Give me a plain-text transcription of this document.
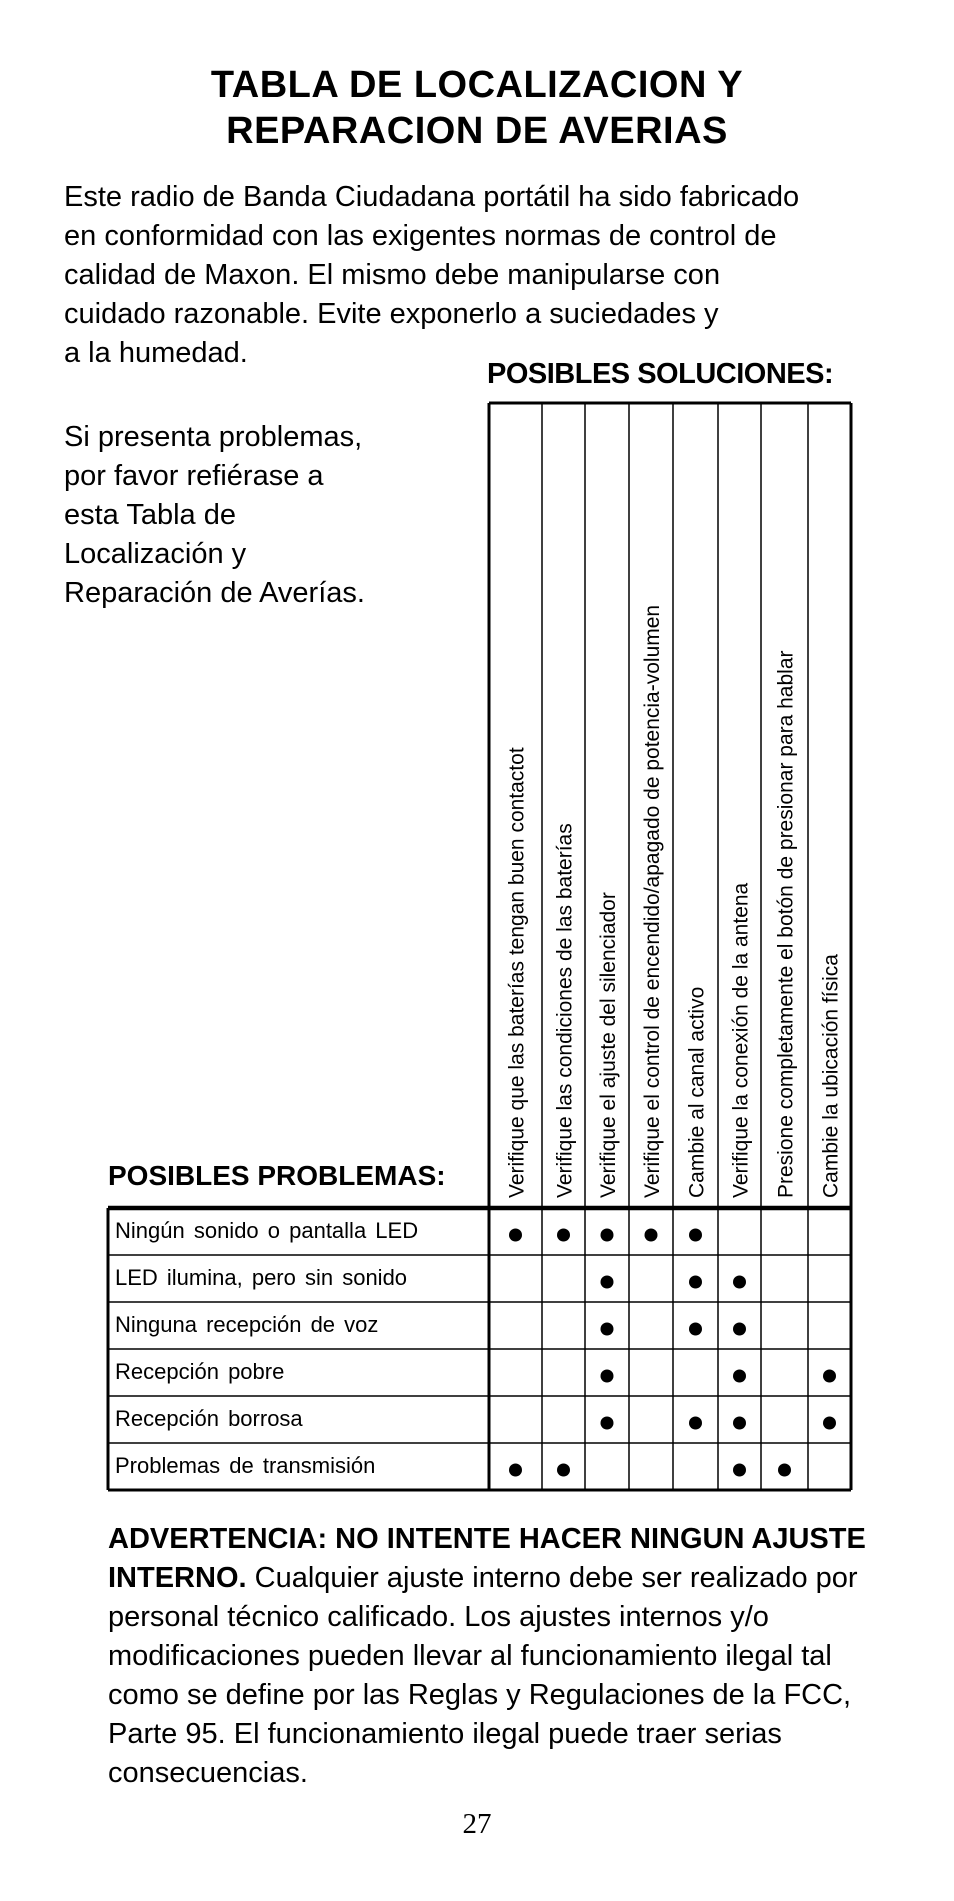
TABLA DE LOCALIZACION Y
REPARACION DE AVERIAS
Este radio de Banda Ciudadana portátil ha sido fabricado
en conformidad con las exigentes normas de control de
calidad de Maxon. El mismo debe manipularse con
cuidado razonable. Evite exponerlo a suciedades y
a la humedad.
Si presenta problemas,
por favor refiérase a
esta Tabla de
Localización y
Reparación de Averías.
POSIBLES SOLUCIONES:
POSIBLES PROBLEMAS:	Verifique que las baterías tengan buen contactot Verifique las condiciones de las baterías Verifique el ajuste del silenciador Verifique el control de encendido/apagado de potencia-volumen Cambie al canal activo Verifique la conexión de la antena Presione completamente el botón de presionar para hablar Cambie la ubicación física
Ningún sonido o pantalla LED
LED ilumina, pero sin sonido
Ninguna recepción de voz
Recepción pobre
Recepción borrosa
Problemas de transmisión
ADVERTENCIA: NO INTENTE HACER NINGUN AJUSTE INTERNO. Cualquier ajuste interno debe ser realizado por personal técnico calificado. Los ajustes internos y/o modificaciones pueden llevar al funcionamiento ilegal tal como se define por las Reglas y Regulaciones de la FCC, Parte 95. El funcionamiento ilegal puede traer serias consecuencias.
27
